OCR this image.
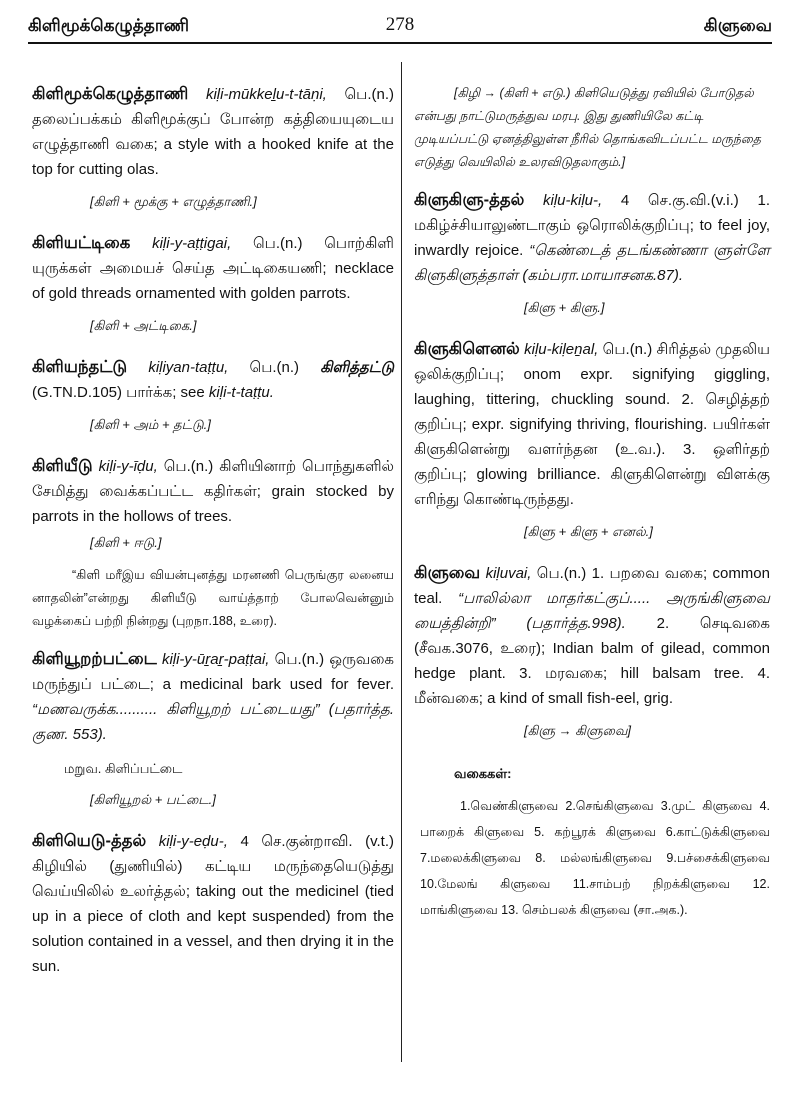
கிளிமூக்கெழுத்தாணி	278	கிளுவை

கிளிமூக்கெழுத்தாணி kiḷi-mūkkeḻu-t-tāṇi, பெ.(n.) தலைப்பக்கம் கிளிமூக்குப் போன்ற கத்தியையுடைய எழுத்தாணி வகை; a style with a hooked knife at the top for cutting olas.

[கிளி + மூக்கு + எழுத்தாணி.]

கிளியட்டிகை kiḷi-y-aṭṭigai, பெ.(n.) பொற்கிளி யுருக்கள் அமையச் செய்த அட்டிகையணி; necklace of gold threads ornamented with golden parrots.

[கிளி + அட்டிகை.]

கிளியந்தட்டு kiḷiyan-taṭṭu, பெ.(n.) கிளித்தட்டு (G.TN.D.105) பார்க்க; see kiḷi-t-taṭṭu.

[கிளி + அம் + தட்டு.]

கிளியீடு kiḷi-y-īḍu, பெ.(n.) கிளியினாற் பொந்துகளில் சேமித்து வைக்கப்பட்ட கதிர்கள்; grain stocked by parrots in the hollows of trees.

[கிளி + ஈடு.]

“கிளி மரீஇய வியன்புனத்து மரனணி பெருங்குர லனைய னாதலின்”என்றது கிளியீடு வாய்த்தாற் போலவென்னும் வழக்கைப் பற்றி நின்றது (புறநா.188, உரை).

கிளியூறற்பட்டை kiḷi-y-ūṟaṟ-paṭṭai, பெ.(n.) ஒருவகை மருந்துப் பட்டை; a medicinal bark used for fever. “மணவருக்க.......... கிளியூறற் பட்டையது” (பதார்த்த. குண. 553).

மறுவ. கிளிப்பட்டை

[கிளியூறல் + பட்டை.]

கிளியெடு-த்தல் kiḷi-y-eḍu-, 4 செ.குன்றாவி. (v.t.) கிழியில் (துணியில்) கட்டிய மருந்தையெடுத்து வெய்யிலில் உலர்த்தல்; taking out the medicinel (tied up in a piece of cloth and kept suspended) from the solution contained in a vessel, and then drying it in the sun.

[கிழி → (கிளி + எடு.) கிளியெடுத்து ரவியில் போடுதல் என்பது நாட்டுமருத்துவ மரபு. இது துணியிலே கட்டி முடியப்பட்டு ஏனத்திலுள்ள நீரில் தொங்கவிடப்பட்ட மருந்தை எடுத்து வெயிலில் உலரவிடுதலாகும்.]

கிளுகிளு-த்தல் kiḷu-kiḷu-, 4 செ.கு.வி.(v.i.) 1. மகிழ்ச்சியாலுண்டாகும் ஒரொலிக்குறிப்பு; to feel joy, inwardly rejoice. “கெண்டைத் தடங்கண்ணா ளுள்ளே கிளுகிளுத்தாள் (கம்பரா.மாயாசனக.87).

[கிளு + கிளு.]

கிளுகிளெனல் kiḷu-kiḷeṉal, பெ.(n.) சிரித்தல் முதலிய ஒலிக்குறிப்பு; onom expr. signifying giggling, laughing, tittering, chuckling sound. 2. செழித்தற் குறிப்பு; expr. signifying thriving, flourishing. பயிர்கள் கிளுகிளென்று வளர்ந்தன (உ.வ.). 3. ஒளிர்தற் குறிப்பு; glowing brilliance. கிளுகிளென்று விளக்கு எரிந்து கொண்டிருந்தது.

[கிளு + கிளு + எனல்.]

கிளுவை kiḷuvai, பெ.(n.) 1. பறவை வகை; common teal. “பாலில்லா மாதர்கட்குப்..... அருங்கிளுவை யைத்தின்றி” (பதார்த்த.998). 2. செடிவகை (சீவக.3076, உரை); Indian balm of gilead, common hedge plant. 3. மரவகை; hill balsam tree. 4. மீன்வகை; a kind of small fish-eel, grig.

[கிளு → கிளுவை]

வகைகள்:

1.வெண்கிளுவை 2.செங்கிளுவை 3.முட் கிளுவை 4. பாறைக் கிளுவை 5. கற்பூரக் கிளுவை 6.காட்டுக்கிளுவை 7.மலைக்கிளுவை 8. மல்லங்கிளுவை 9.பச்சைக்கிளுவை 10.மேலங் கிளுவை 11.சாம்பற் நிறக்கிளுவை 12. மாங்கிளுவை 13. செம்பலக் கிளுவை (சா.அக.).
